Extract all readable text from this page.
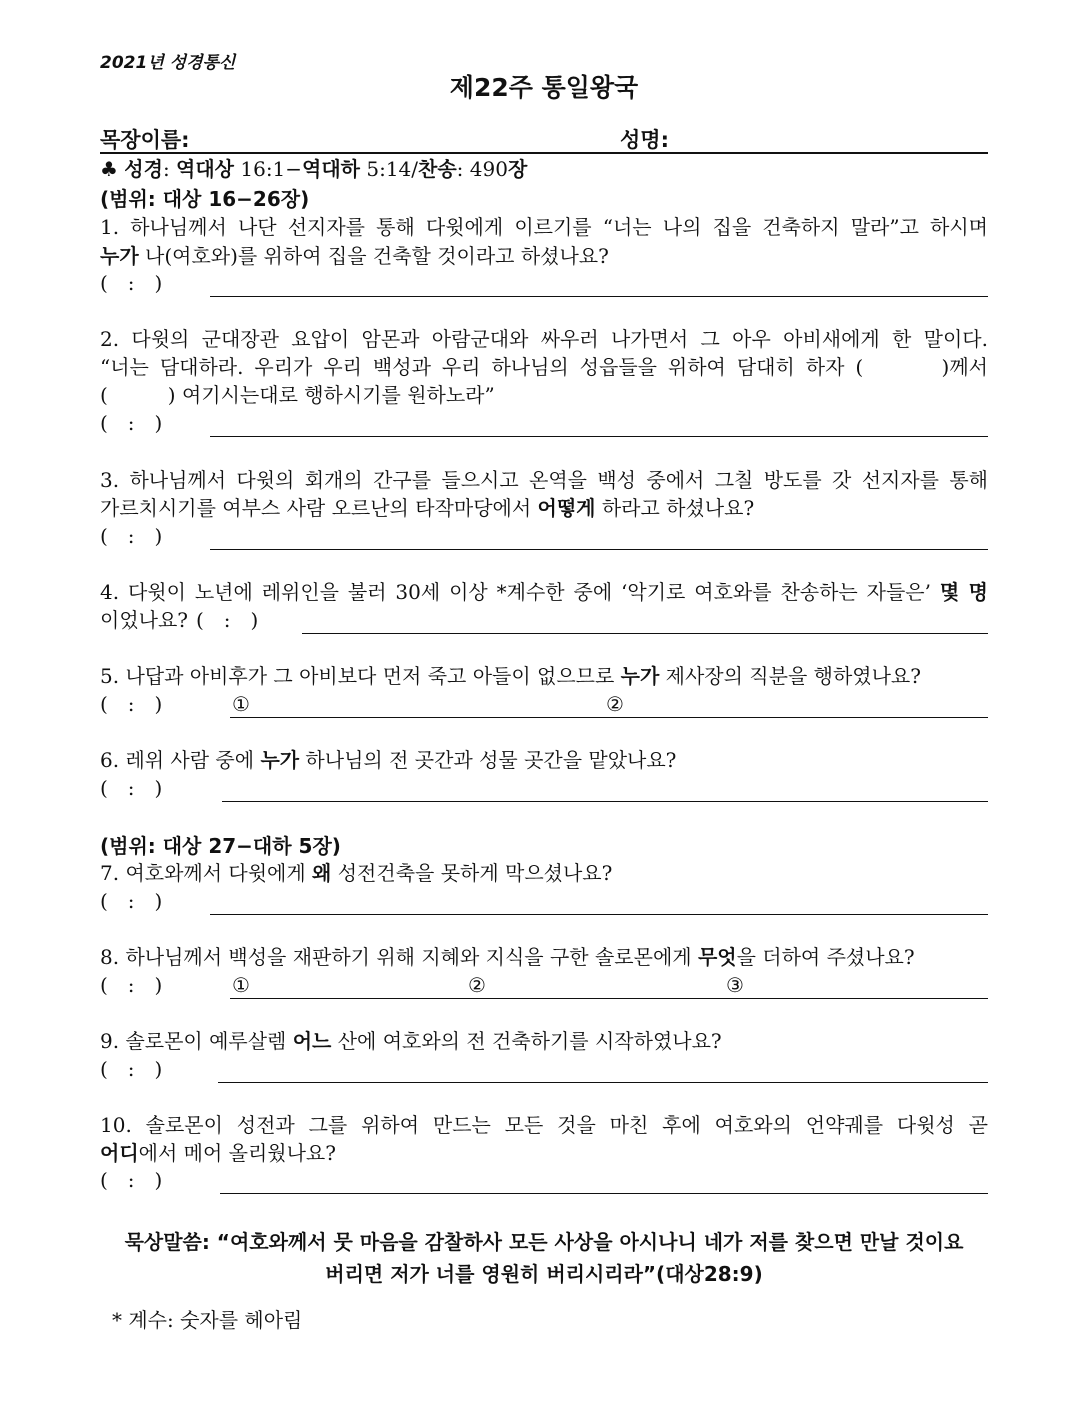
2021년 성경통신
제22주 통일왕국
목장이름:	성명:
♣ 성경: 역대상 16:1−역대하 5:14/찬송: 490장
(범위: 대상 16−26장)
1. 하나님께서 나단 선지자를 통해 다윗에게 이르기를 “너는 나의 집을 건축하지 말라”고 하시며
누가 나(여호와)를 위하여 집을 건축할 것이라고 하셨나요?
(　:　)
2. 다윗의 군대장관 요압이 암몬과 아람군대와 싸우러 나가면서 그 아우 아비새에게 한 말이다.
“너는 담대하라. 우리가 우리 백성과 우리 하나님의 성읍들을 위하여 담대히 하자 (　　　)께서
(　　　) 여기시는대로 행하시기를 원하노라”
(　:　)
3. 하나님께서 다윗의 회개의 간구를 들으시고 온역을 백성 중에서 그칠 방도를 갓 선지자를 통해
가르치시기를 여부스 사람 오르난의 타작마당에서 어떻게 하라고 하셨나요?
(　:　)
4. 다윗이 노년에 레위인을 불러 30세 이상 *계수한 중에 ‘악기로 여호와를 찬송하는 자들은’ 몇 명
이었나요? (　:　)
5. 나답과 아비후가 그 아비보다 먼저 죽고 아들이 없으므로 누가 제사장의 직분을 행하였나요?
(　:　)	①	②
6. 레위 사람 중에 누가 하나님의 전 곳간과 성물 곳간을 맡았나요?
(　:　)
(범위: 대상 27−대하 5장)
7. 여호와께서 다윗에게 왜 성전건축을 못하게 막으셨나요?
(　:　)
8. 하나님께서 백성을 재판하기 위해 지혜와 지식을 구한 솔로몬에게 무엇을 더하여 주셨나요?
(　:　)	①	②	③
9. 솔로몬이 예루살렘 어느 산에 여호와의 전 건축하기를 시작하였나요?
(　:　)
10. 솔로몬이 성전과 그를 위하여 만드는 모든 것을 마친 후에 여호와의 언약궤를 다윗성 곧
어디에서 메어 올리웠나요?
(　:　)
묵상말씀: “여호와께서 뭇 마음을 감찰하사 모든 사상을 아시나니 네가 저를 찾으면 만날 것이요
버리면 저가 너를 영원히 버리시리라”(대상28:9)
* 계수: 숫자를 헤아림
